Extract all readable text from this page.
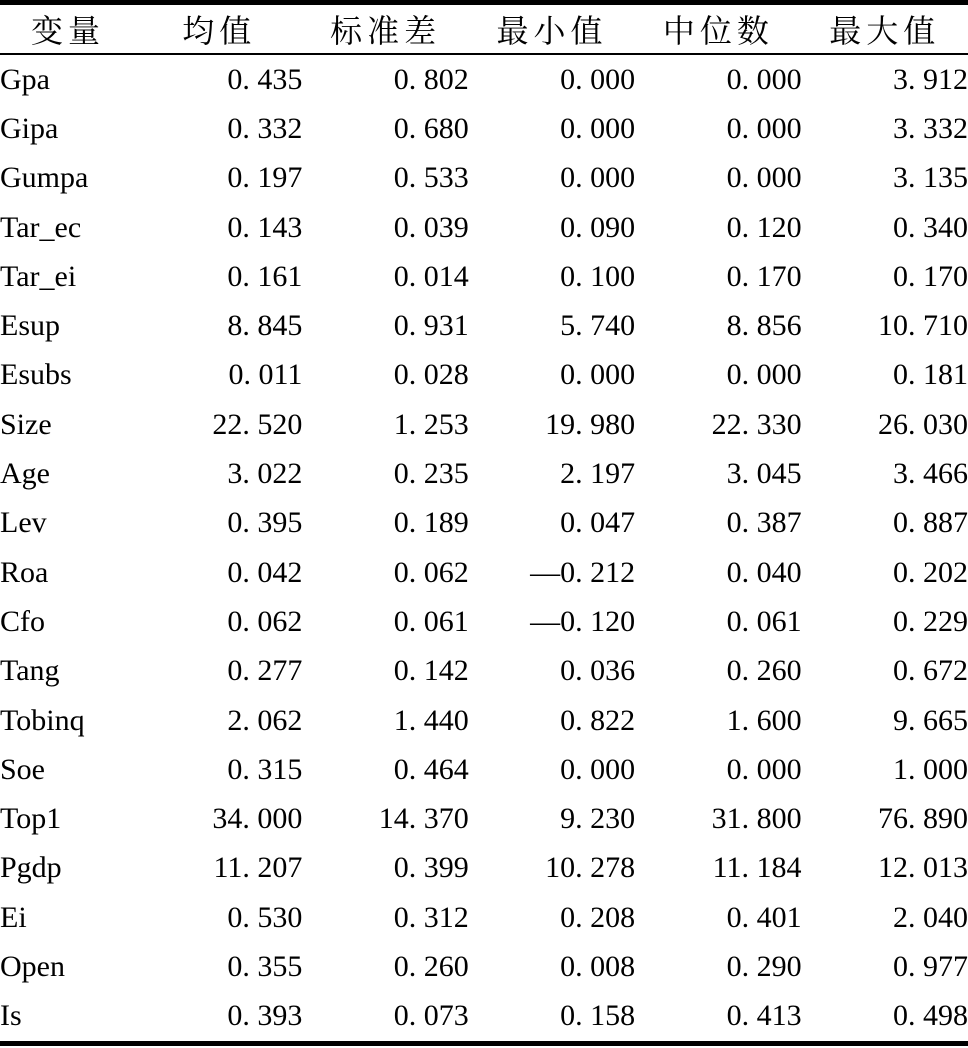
变量	均值	标准差	最小值	中位数	最大值
Gpa	0. 435	0. 802	0. 000	0. 000	3. 912
Gipa	0. 332	0. 680	0. 000	0. 000	3. 332
Gumpa	0. 197	0. 533	0. 000	0. 000	3. 135
Tar_ec	0. 143	0. 039	0. 090	0. 120	0. 340
Tar_ei	0. 161	0. 014	0. 100	0. 170	0. 170
Esup	8. 845	0. 931	5. 740	8. 856	10. 710
Esubs	0. 011	0. 028	0. 000	0. 000	0. 181
Size	22. 520	1. 253	19. 980	22. 330	26. 030
Age	3. 022	0. 235	2. 197	3. 045	3. 466
Lev	0. 395	0. 189	0. 047	0. 387	0. 887
Roa	0. 042	0. 062	—0. 212	0. 040	0. 202
Cfo	0. 062	0. 061	—0. 120	0. 061	0. 229
Tang	0. 277	0. 142	0. 036	0. 260	0. 672
Tobinq	2. 062	1. 440	0. 822	1. 600	9. 665
Soe	0. 315	0. 464	0. 000	0. 000	1. 000
Top1	34. 000	14. 370	9. 230	31. 800	76. 890
Pgdp	11. 207	0. 399	10. 278	11. 184	12. 013
Ei	0. 530	0. 312	0. 208	0. 401	2. 040
Open	0. 355	0. 260	0. 008	0. 290	0. 977
Is	0. 393	0. 073	0. 158	0. 413	0. 498
